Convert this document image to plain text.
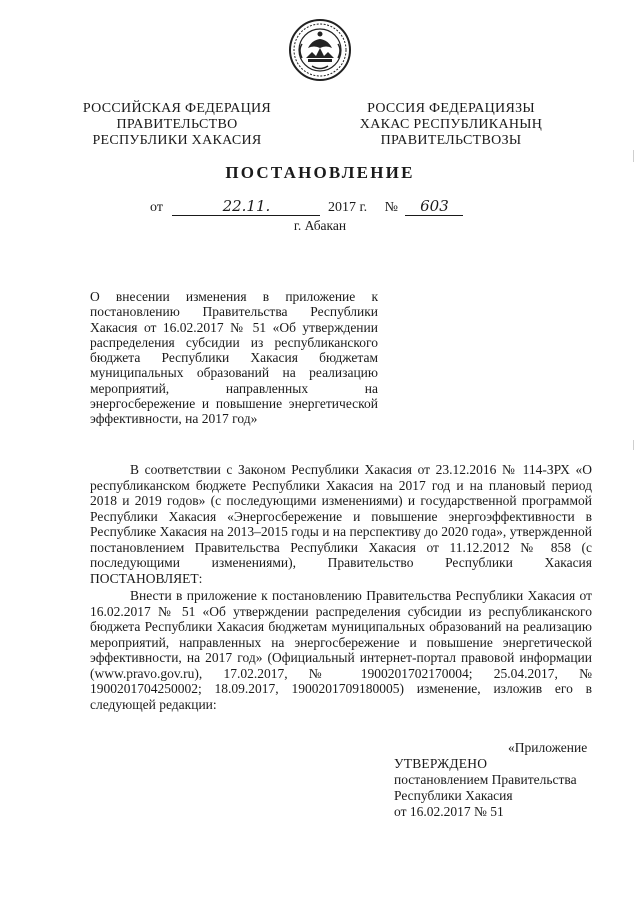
РОССИЙСКАЯ ФЕДЕРАЦИЯ
ПРАВИТЕЛЬСТВО
РЕСПУБЛИКИ ХАКАСИЯ
РОССИЯ ФЕДЕРАЦИЯЗЫ
ХАКАС РЕСПУБЛИКАНЫҢ
ПРАВИТЕЛЬСТВОЗЫ
ПОСТАНОВЛЕНИЕ
от	22.11.	2017 г. № 603
г. Абакан

О внесении изменения в приложение к постановлению Правительства Республики Хакасия от 16.02.2017 № 51 «Об утверждении распределения субсидии из республиканского бюджета Республики Хакасия бюджетам муниципальных образований на реализацию мероприятий, направленных на энергосбережение и повышение энергетической эффективности, на 2017 год»

В соответствии с Законом Республики Хакасия от 23.12.2016 № 114-ЗРХ «О республиканском бюджете Республики Хакасия на 2017 год и на плановый период 2018 и 2019 годов» (с последующими изменениями) и государственной программой Республики Хакасия «Энергосбережение и повышение энергоэффективности в Республике Хакасия на 2013–2015 годы и на перспективу до 2020 года», утвержденной постановлением Правительства Республики Хакасия от 11.12.2012 № 858 (с последующими изменениями), Правительство Республики Хакасия ПОСТАНОВЛЯЕТ:

Внести в приложение к постановлению Правительства Республики Хакасия от 16.02.2017 № 51 «Об утверждении распределения субсидии из республиканского бюджета Республики Хакасия бюджетам муниципальных образований на реализацию мероприятий, направленных на энергосбережение и повышение энергетической эффективности, на 2017 год» (Официальный интернет-портал правовой информации (www.pravo.gov.ru), 17.02.2017, № 1900201702170004; 25.04.2017, № 1900201704250002; 18.09.2017, 1900201709180005) изменение, изложив его в следующей редакции:

«Приложение
УТВЕРЖДЕНО
постановлением Правительства
Республики Хакасия
от 16.02.2017 № 51
